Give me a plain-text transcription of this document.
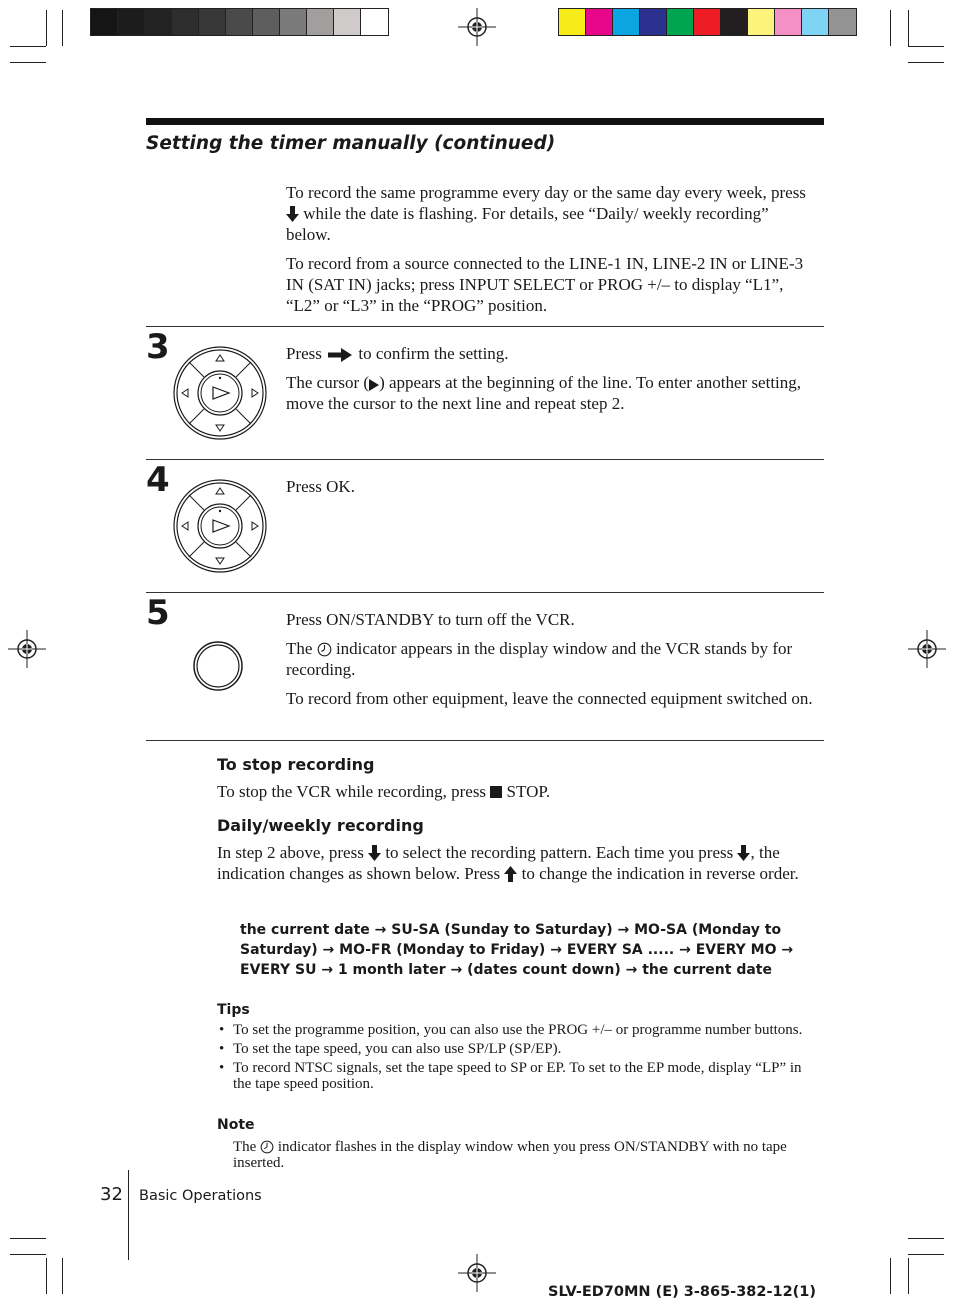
Setting the timer manually (continued)

To record the same programme every day or the same day every week, press  while the date is flashing. For details, see “Daily/ weekly recording” below.

To record from a source connected to the LINE-1 IN, LINE-2 IN or LINE-3 IN (SAT IN) jacks; press INPUT SELECT or PROG +/– to display “L1”, “L2” or “L3” in the “PROG” position.

3	Press to confirm the setting.

The cursor ( ) appears at the beginning of the line. To enter another setting, move the cursor to the next line and repeat step 2.

4	Press OK.

5	Press ON/STANDBY to turn off the VCR.

The indicator appears in the display window and the VCR stands by for recording.

To record from other equipment, leave the connected equipment switched on.

To stop recording

To stop the VCR while recording, press STOP.

Daily/weekly recording

In step 2 above, press to select the recording pattern. Each time you press , the indication changes as shown below. Press to change the indication in reverse order.

the current date → SU-SA (Sunday to Saturday) → MO-SA (Monday to Saturday) → MO-FR (Monday to Friday) → EVERY SA ..... → EVERY MO → EVERY SU → 1 month later → (dates count down) → the current date

Tips
• To set the programme position, you can also use the PROG +/– or programme number buttons.
• To set the tape speed, you can also use SP/LP (SP/EP).
• To record NTSC signals, set the tape speed to SP or EP. To set to the EP mode, display “LP” in the tape speed position.
Note

The indicator flashes in the display window when you press ON/STANDBY with no tape inserted.

32 Basic Operations
SLV-ED70MN (E) 3-865-382-12(1)
